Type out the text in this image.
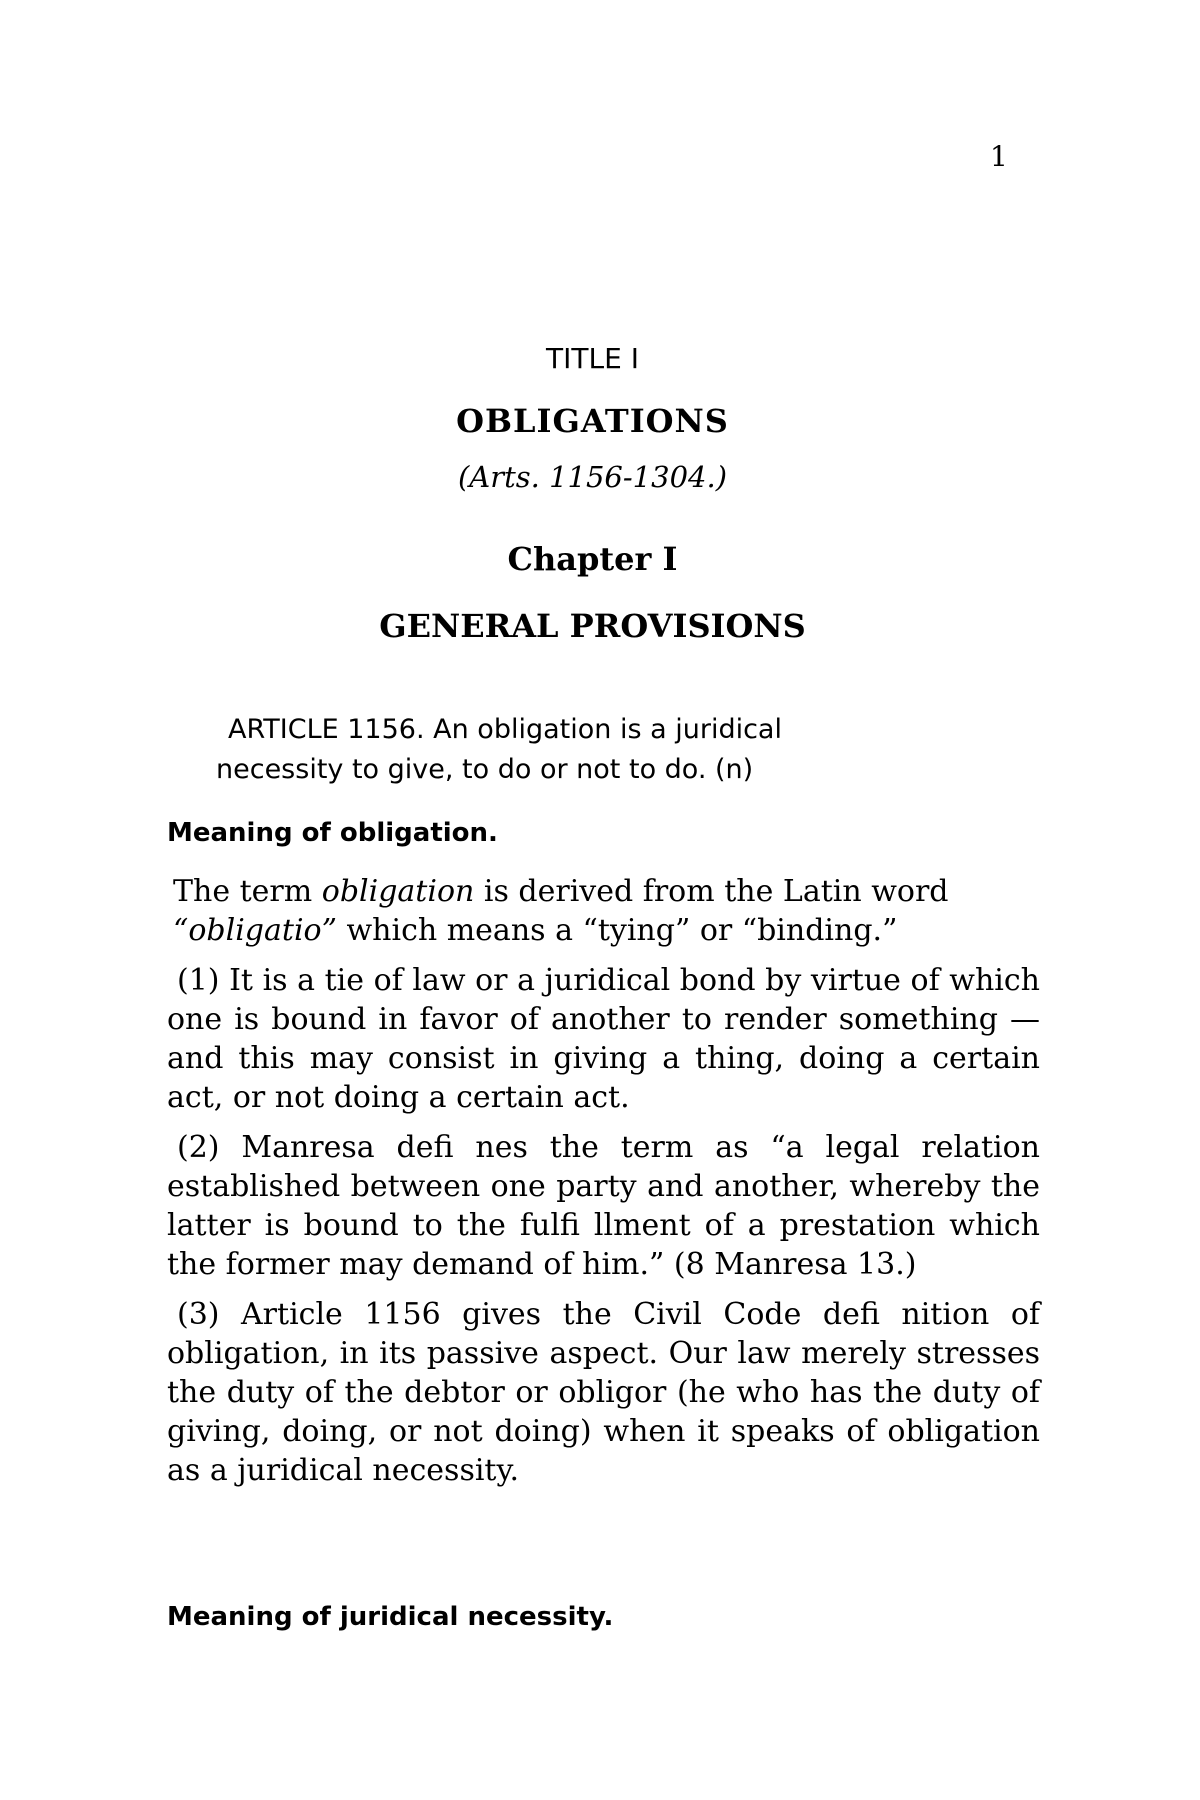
1
TITLE I
OBLIGATIONS
(Arts. 1156-1304.)
Chapter I
GENERAL PROVISIONS
ARTICLE 1156. An obligation is a juridical
necessity to give, to do or not to do. (n)
Meaning of obligation.

The term obligation is derived from the Latin word “obligatio” which means a “tying” or “binding.”

(1) It is a tie of law or a juridical bond by virtue of which one is bound in favor of another to render something — and this may consist in giving a thing, doing a certain act, or not doing a certain act.

(2) Manresa defi nes the term as “a legal relation established between one party and another, whereby the latter is bound to the fulfi llment of a prestation which the former may demand of him.” (8 Manresa 13.)

(3) Article 1156 gives the Civil Code defi nition of obligation, in its passive aspect. Our law merely stresses the duty of the debtor or obligor (he who has the duty of giving, doing, or not doing) when it speaks of obligation as a juridical necessity.

Meaning of juridical necessity.
